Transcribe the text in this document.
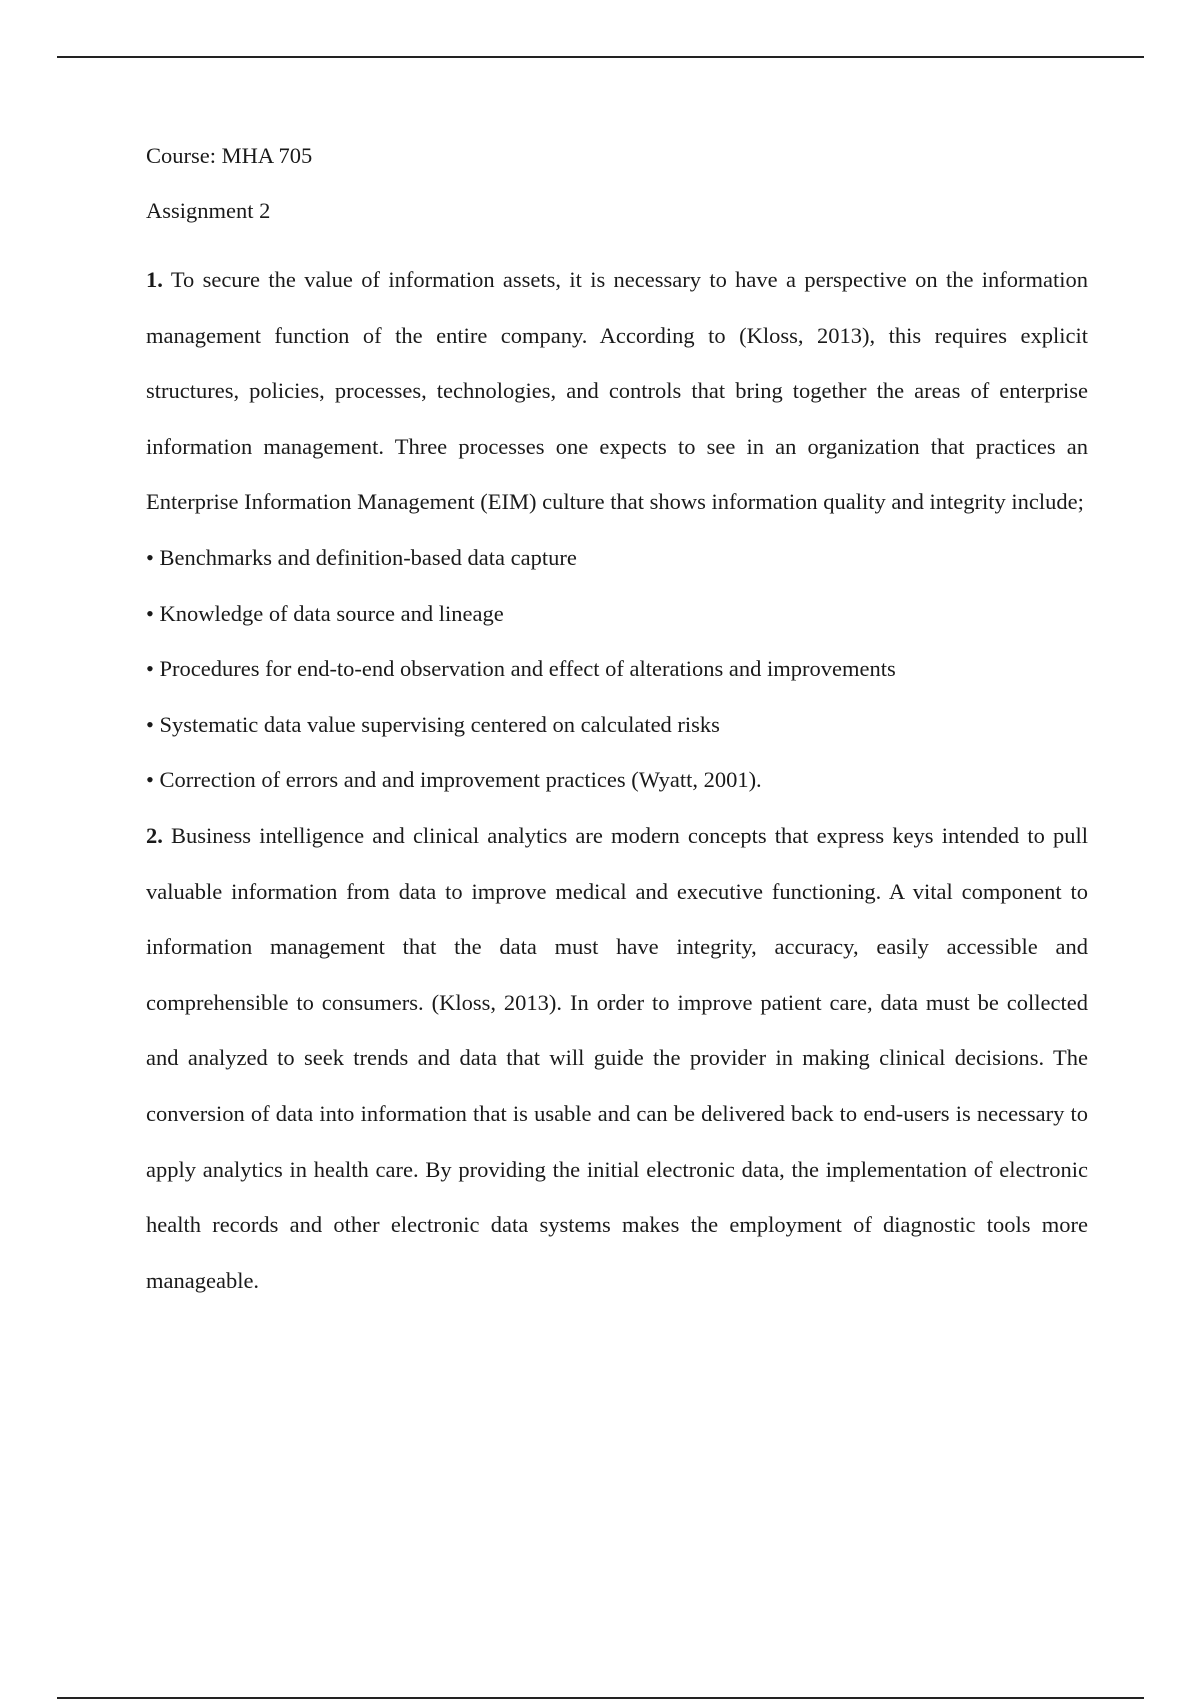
Course: MHA 705

Assignment 2

1. To secure the value of information assets, it is necessary to have a perspective on the information management function of the entire company. According to (Kloss, 2013), this requires explicit structures, policies, processes, technologies, and controls that bring together the areas of enterprise information management. Three processes one expects to see in an organization that practices an Enterprise Information Management (EIM) culture that shows information quality and integrity include;

• Benchmarks and definition-based data capture
• Knowledge of data source and lineage
• Procedures for end-to-end observation and effect of alterations and improvements
• Systematic data value supervising centered on calculated risks
• Correction of errors and and improvement practices (Wyatt, 2001).

2. Business intelligence and clinical analytics are modern concepts that express keys intended to pull valuable information from data to improve medical and executive functioning. A vital component to information management that the data must have integrity, accuracy, easily accessible and comprehensible to consumers. (Kloss, 2013). In order to improve patient care, data must be collected and analyzed to seek trends and data that will guide the provider in making clinical decisions. The conversion of data into information that is usable and can be delivered back to end-users is necessary to apply analytics in health care. By providing the initial electronic data, the implementation of electronic health records and other electronic data systems makes the employment of diagnostic tools more manageable.
